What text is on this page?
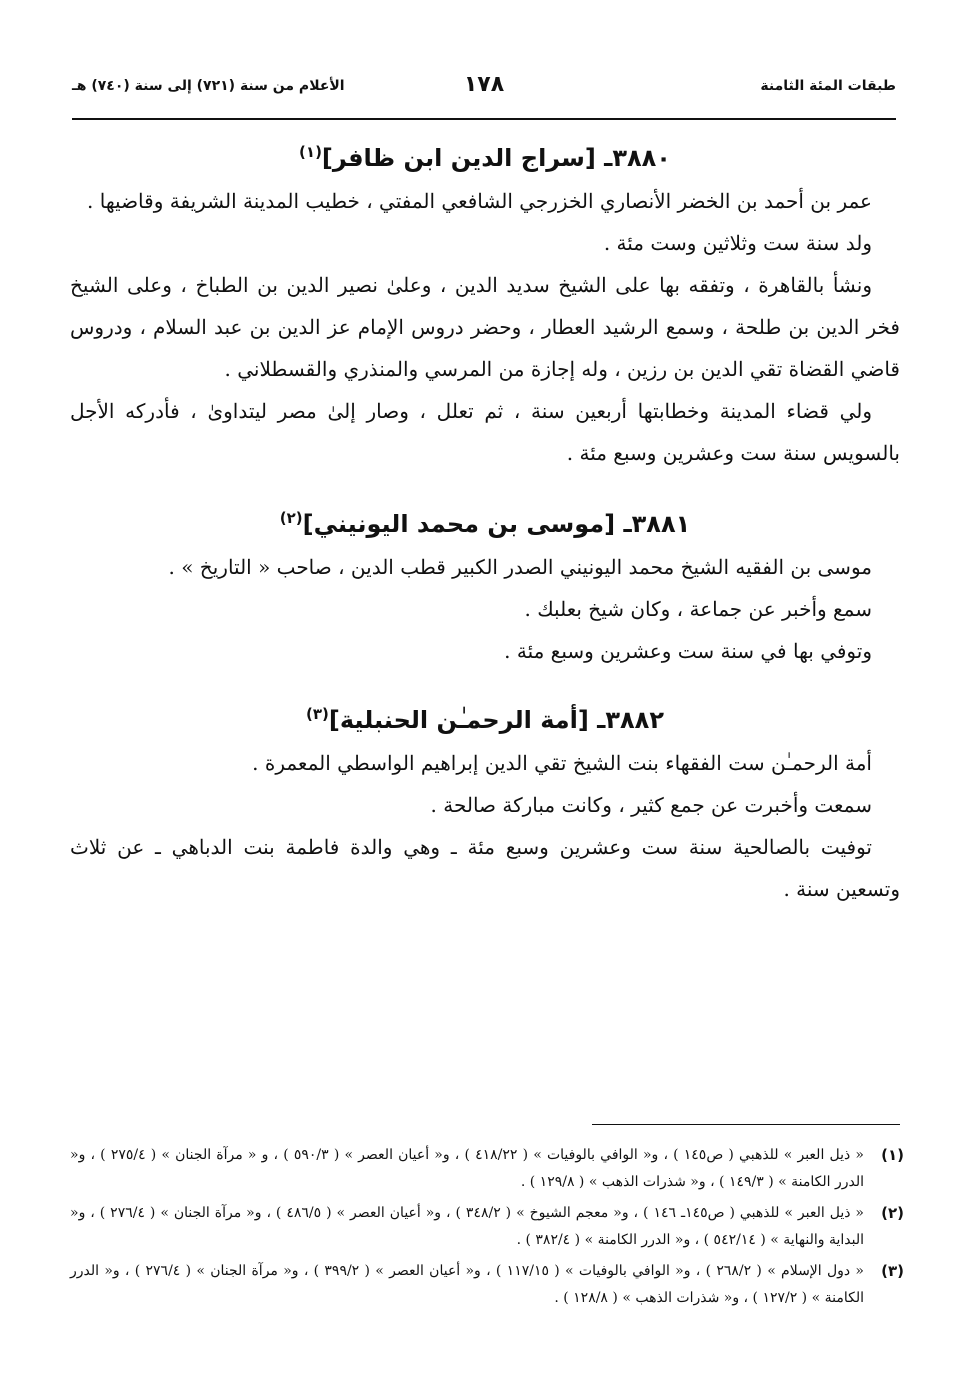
طبقات المئة الثامنة
١٧٨
الأعلام من سنة (٧٢١) إلى سنة (٧٤٠) هـ
٣٨٨٠ـ [سراج الدين ابن ظافر]$^{(١)}$

عمر بن أحمد بن الخضر الأنصاري الخزرجي الشافعي المفتي ، خطيب المدينة الشريفة وقاضيها .

ولد سنة ست وثلاثين وست مئة .

ونشأ بالقاهرة ، وتفقه بها على الشيخ سديد الدين ، وعلىٰ نصير الدين بن الطباخ ، وعلى الشيخ فخر الدين بن طلحة ، وسمع الرشيد العطار ، وحضر دروس الإمام عز الدين بن عبد السلام ، ودروس قاضي القضاة تقي الدين بن رزين ، وله إجازة من المرسي والمنذري والقسطلاني .

ولي قضاء المدينة وخطابتها أربعين سنة ، ثم تعلل ، وصار إلىٰ مصر ليتداوىٰ ، فأدركه الأجل بالسويس سنة ست وعشرين وسبع مئة .

٣٨٨١ـ [موسى بن محمد اليونيني]$^{(٢)}$

موسى بن الفقيه الشيخ محمد اليونيني الصدر الكبير قطب الدين ، صاحب « التاريخ » .

سمع وأخبر عن جماعة ، وكان شيخ بعلبك .

وتوفي بها في سنة ست وعشرين وسبع مئة .

٣٨٨٢ـ [أمة الرحمـٰن الحنبلية]$^{(٣)}$

أمة الرحمـٰن ست الفقهاء بنت الشيخ تقي الدين إبراهيم الواسطي المعمرة .

سمعت وأخبرت عن جمع كثير ، وكانت مباركة صالحة .

توفيت بالصالحية سنة ست وعشرين وسبع مئة ـ وهي والدة فاطمة بنت الدباهي ـ عن ثلاث وتسعين سنة .

(١)
« ذيل العبر » للذهبي ( ص١٤٥ ) ، و« الوافي بالوفيات » ( ٤١٨/٢٢ ) ، و« أعيان العصر » ( ٥٩٠/٣ ) ، و « مرآة الجنان » ( ٢٧٥/٤ ) ، و« الدرر الكامنة » ( ١٤٩/٣ ) ، و« شذرات الذهب » ( ١٢٩/٨ ) .
(٢)
« ذيل العبر » للذهبي ( ص١٤٥ـ ١٤٦ ) ، و« معجم الشيوخ » ( ٣٤٨/٢ ) ، و« أعيان العصر » ( ٤٨٦/٥ ) ، و« مرآة الجنان » ( ٢٧٦/٤ ) ، و« البداية والنهاية » ( ٥٤٢/١٤ ) ، و« الدرر الكامنة » ( ٣٨٢/٤ ) .
(٣)
« دول الإسلام » ( ٢٦٨/٢ ) ، و« الوافي بالوفيات » ( ١١٧/١٥ ) ، و« أعيان العصر » ( ٣٩٩/٢ ) ، و« مرآة الجنان » ( ٢٧٦/٤ ) ، و« الدرر الكامنة » ( ١٢٧/٢ ) ، و« شذرات الذهب » ( ١٢٨/٨ ) .
